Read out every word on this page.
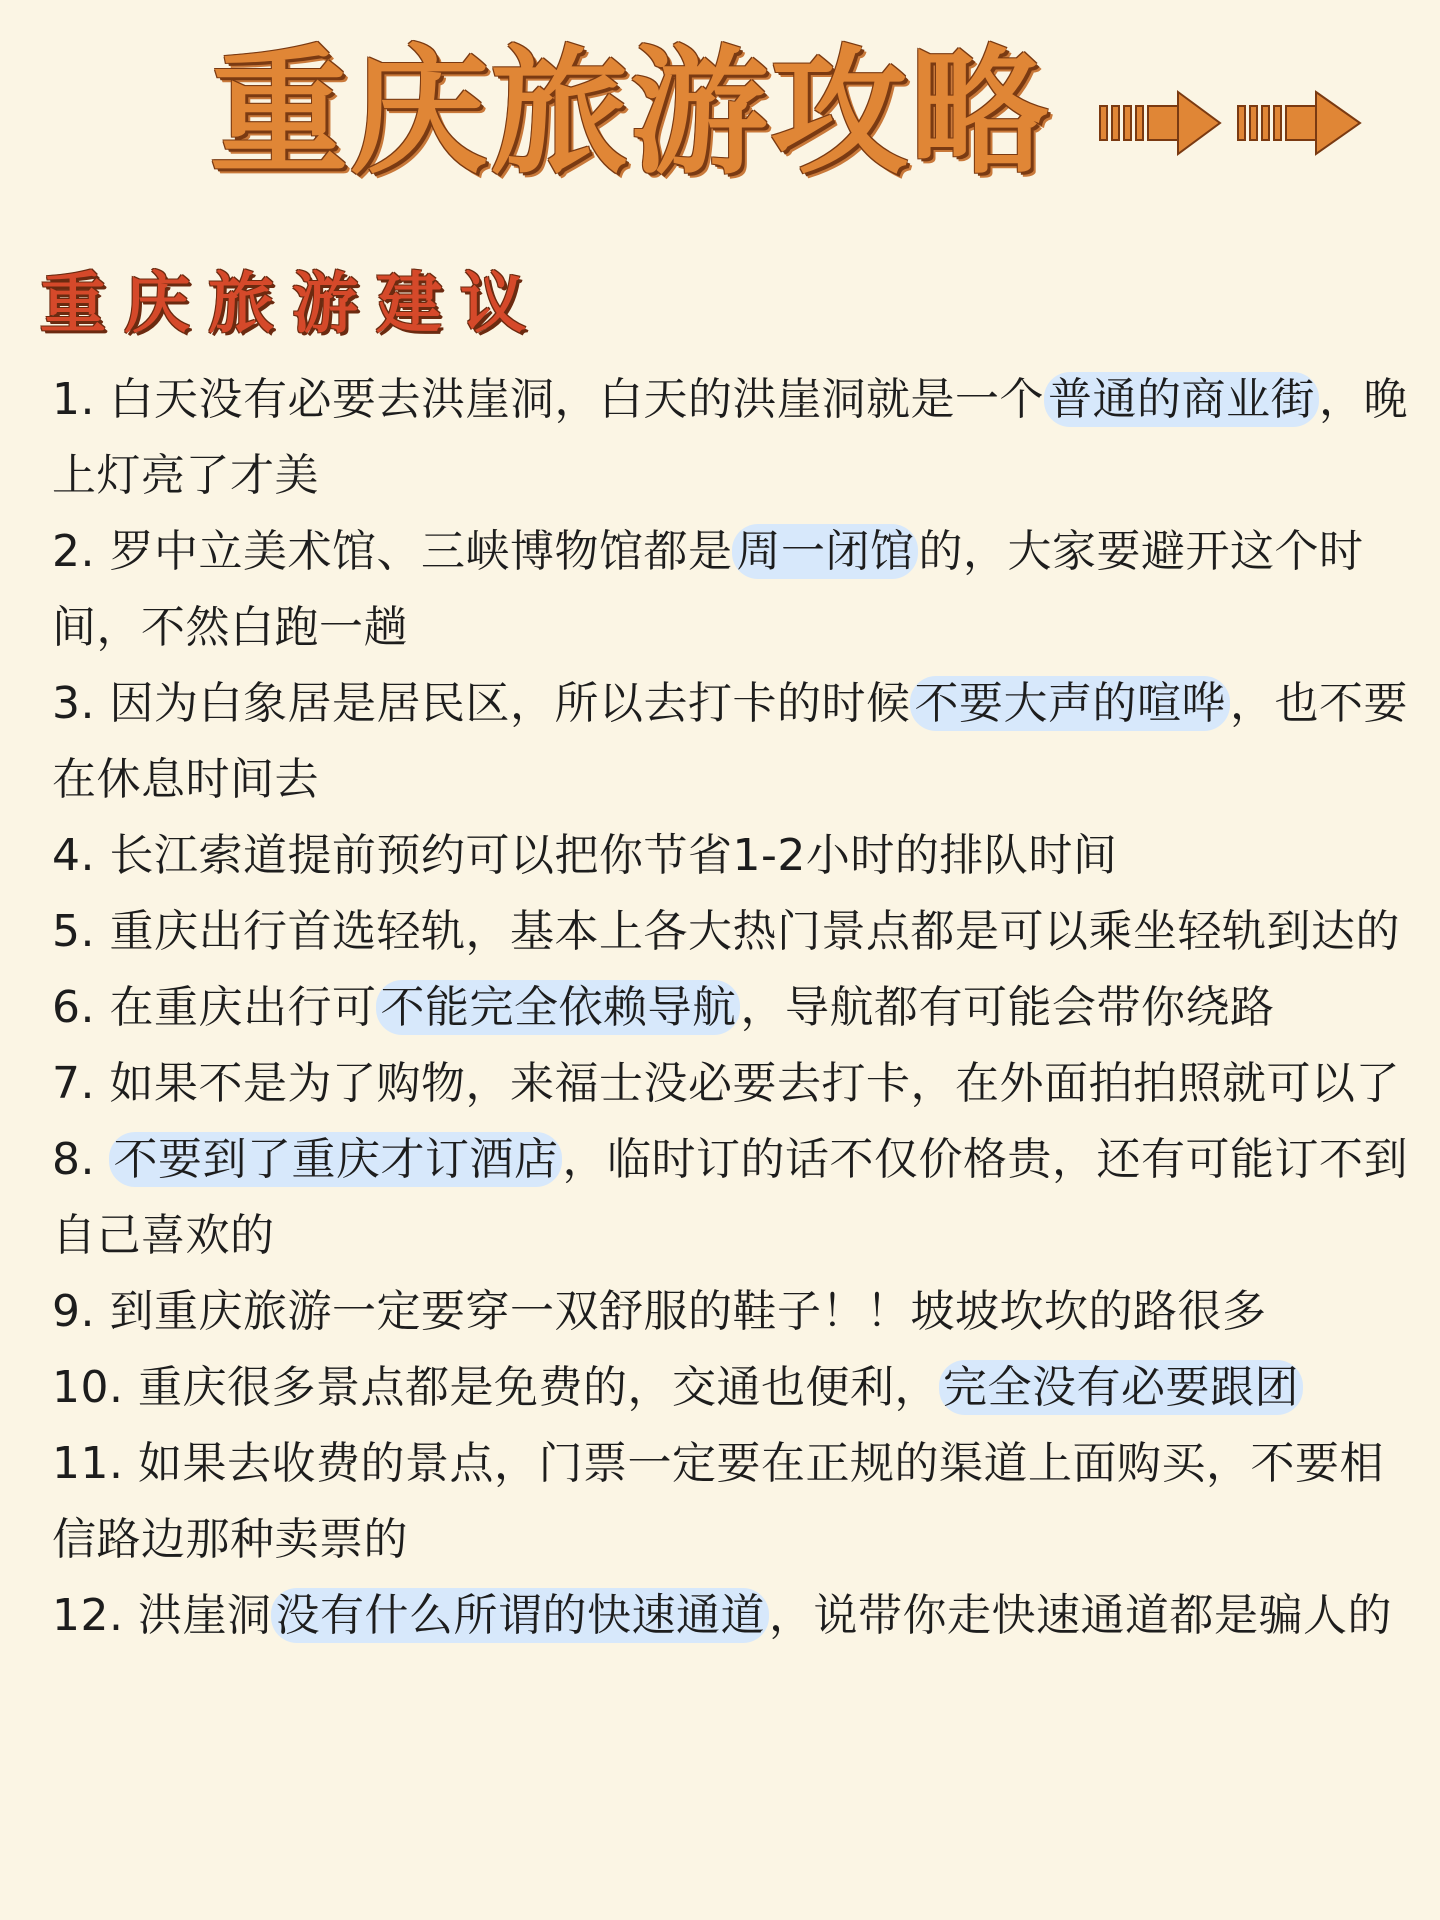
重庆旅游攻略
重庆旅游建议
1. 白天没有必要去洪崖洞，白天的洪崖洞就是一个普通的商业街，晚上灯亮了才美
2. 罗中立美术馆、三峡博物馆都是周一闭馆的，大家要避开这个时间，不然白跑一趟
3. 因为白象居是居民区，所以去打卡的时候不要大声的喧哗，也不要在休息时间去
4. 长江索道提前预约可以把你节省1-2小时的排队时间
5. 重庆出行首选轻轨，基本上各大热门景点都是可以乘坐轻轨到达的
6. 在重庆出行可不能完全依赖导航，导航都有可能会带你绕路
7. 如果不是为了购物，来福士没必要去打卡，在外面拍拍照就可以了
8. 不要到了重庆才订酒店，临时订的话不仅价格贵，还有可能订不到自己喜欢的
9. 到重庆旅游一定要穿一双舒服的鞋子！！坡坡坎坎的路很多
10. 重庆很多景点都是免费的，交通也便利，完全没有必要跟团
11. 如果去收费的景点，门票一定要在正规的渠道上面购买，不要相信路边那种卖票的
12. 洪崖洞没有什么所谓的快速通道，说带你走快速通道都是骗人的
